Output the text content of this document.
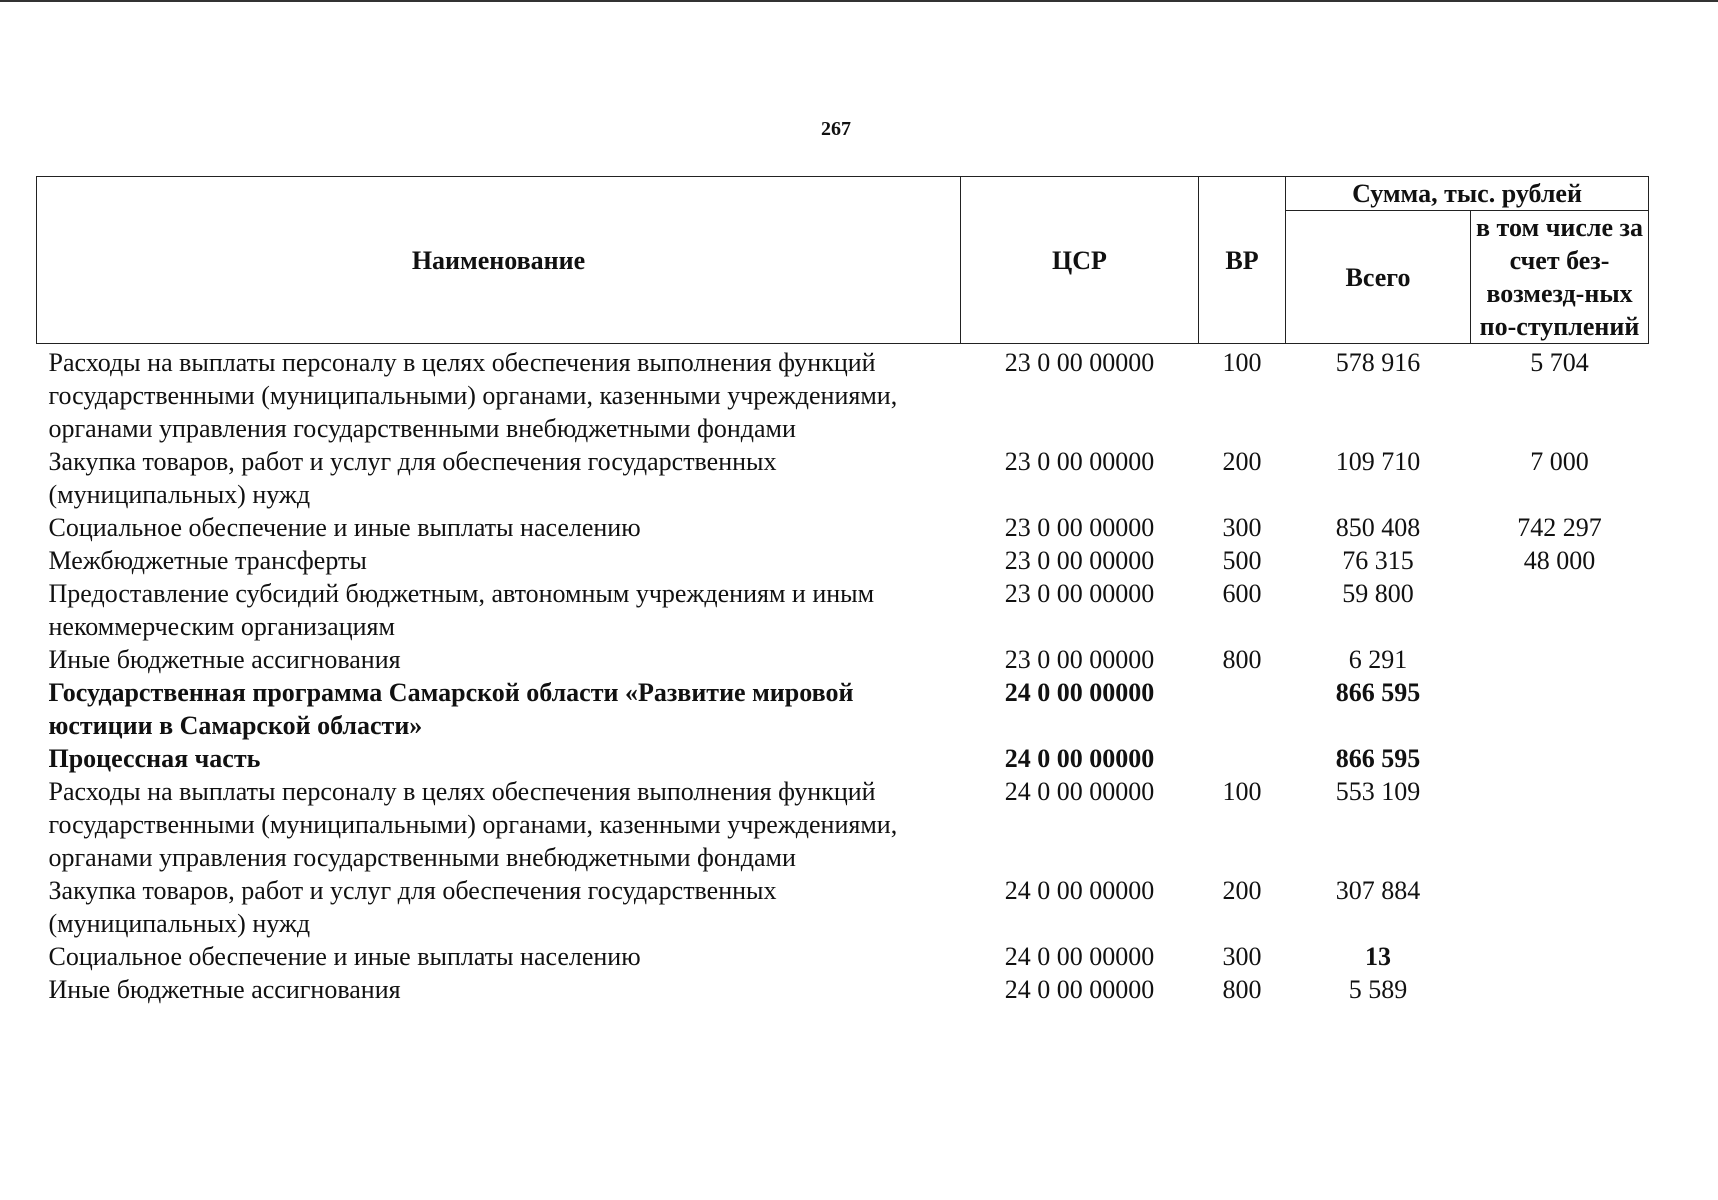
267
Наименование	ЦСР	ВР	Сумма, тыс. рублей	
			Всего	в том числе за счет без-возмезд-ных по-ступлений
Расходы на выплаты персоналу в целях обеспечения выполнения функций государственными (муниципальными) органами, казенными учреждениями, органами управления государственными внебюджетными фондами	23 0 00 00000	100	578 916	5 704
Закупка товаров, работ и услуг для обеспечения государственных (муниципальных) нужд	23 0 00 00000	200	109 710	7 000
Социальное обеспечение и иные выплаты населению	23 0 00 00000	300	850 408	742 297
Межбюджетные трансферты	23 0 00 00000	500	76 315	48 000
Предоставление субсидий бюджетным, автономным учреждениям и иным некоммерческим организациям	23 0 00 00000	600	59 800	
Иные бюджетные ассигнования	23 0 00 00000	800	6 291	
Государственная программа Самарской области «Развитие мировой юстиции в Самарской области»	24 0 00 00000		866 595	
Процессная часть	24 0 00 00000		866 595	
Расходы на выплаты персоналу в целях обеспечения выполнения функций государственными (муниципальными) органами, казенными учреждениями, органами управления государственными внебюджетными фондами	24 0 00 00000	100	553 109	
Закупка товаров, работ и услуг для обеспечения государственных (муниципальных) нужд	24 0 00 00000	200	307 884	
Социальное обеспечение и иные выплаты населению	24 0 00 00000	300	13	
Иные бюджетные ассигнования	24 0 00 00000	800	5 589	
